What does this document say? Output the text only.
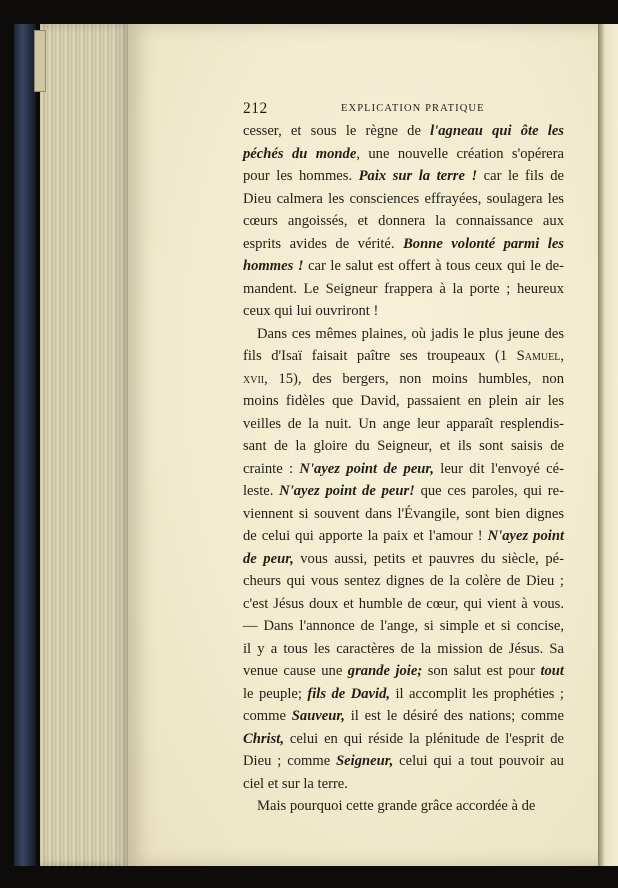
212	EXPLICATION PRATIQUE
cesser, et sous le règne de l'agneau qui ôte les
péchés du monde, une nouvelle création s'opérera
pour les hommes. Paix sur la terre ! car le fils de
Dieu calmera les consciences effrayées, soulagera les
cœurs angoissés, et donnera la connaissance aux
esprits avides de vérité. Bonne volonté parmi les
hommes ! car le salut est offert à tous ceux qui le de-
mandent. Le Seigneur frappera à la porte ; heureux
ceux qui lui ouvriront !
Dans ces mêmes plaines, où jadis le plus jeune des
fils d'Isaï faisait paître ses troupeaux (1 Samuel,
xvii, 15), des bergers, non moins humbles, non
moins fidèles que David, passaient en plein air les
veilles de la nuit. Un ange leur apparaît resplendis-
sant de la gloire du Seigneur, et ils sont saisis de
crainte : N'ayez point de peur, leur dit l'envoyé cé-
leste. N'ayez point de peur! que ces paroles, qui re-
viennent si souvent dans l'Évangile, sont bien dignes
de celui qui apporte la paix et l'amour ! N'ayez point
de peur, vous aussi, petits et pauvres du siècle, pé-
cheurs qui vous sentez dignes de la colère de Dieu ;
c'est Jésus doux et humble de cœur, qui vient à vous.
— Dans l'annonce de l'ange, si simple et si concise,
il y a tous les caractères de la mission de Jésus. Sa
venue cause une grande joie; son salut est pour tout
le peuple; fils de David, il accomplit les prophéties ;
comme Sauveur, il est le désiré des nations; comme
Christ, celui en qui réside la plénitude de l'esprit de
Dieu ; comme Seigneur, celui qui a tout pouvoir au
ciel et sur la terre.
Mais pourquoi cette grande grâce accordée à de
